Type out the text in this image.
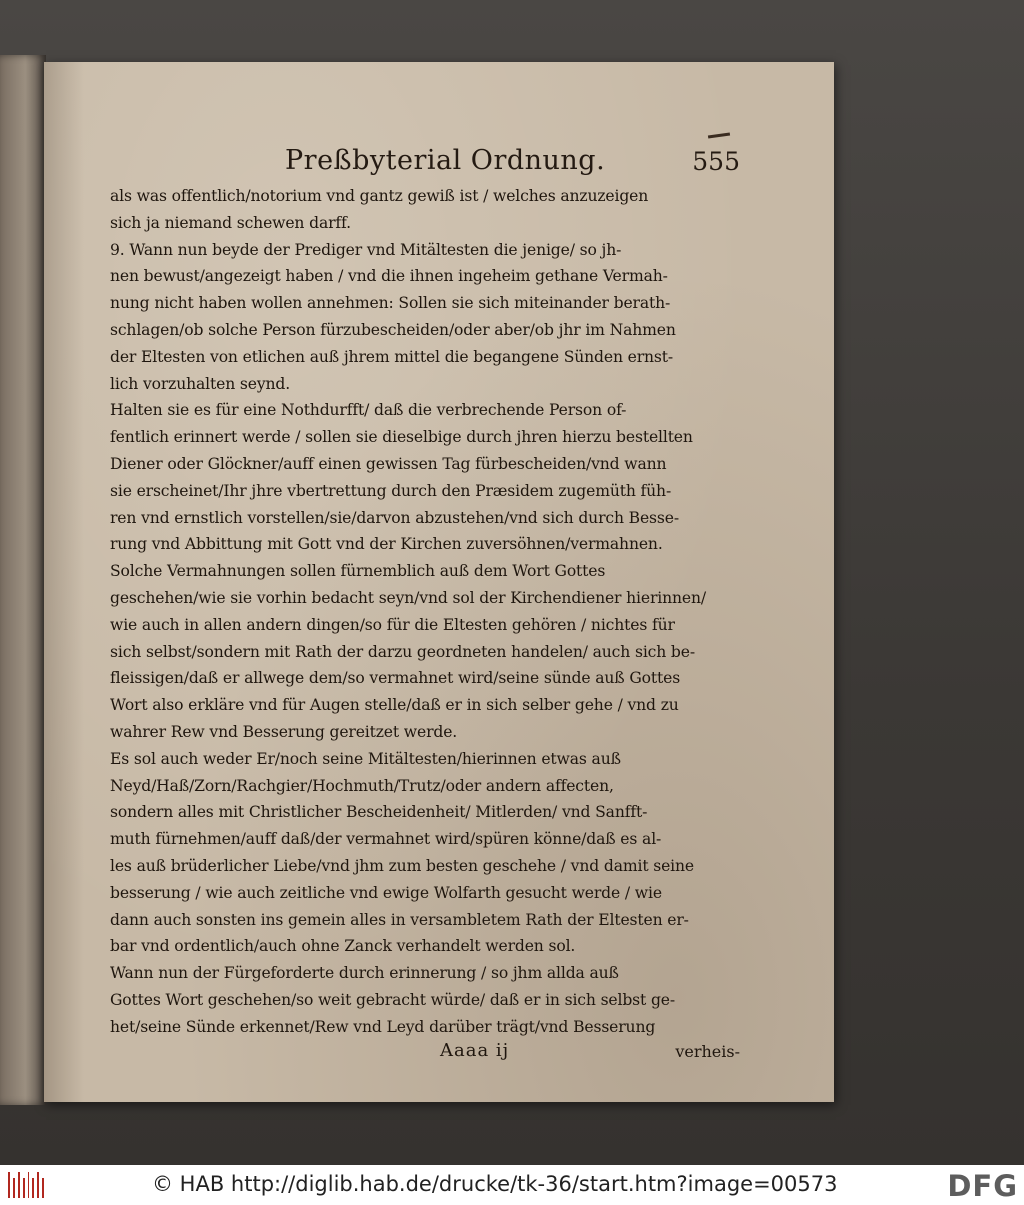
Preßbyterial Ordnung.	555
als was offentlich/notorium vnd gantz gewiß ist / welches anzuzeigen
sich ja niemand schewen darff.
9. Wann nun beyde der Prediger vnd Mitältesten die jenige/ so jh-
nen bewust/angezeigt haben / vnd die ihnen ingeheim gethane Vermah-
nung nicht haben wollen annehmen: Sollen sie sich miteinander berath-
schlagen/ob solche Person fürzubescheiden/oder aber/ob jhr im Nahmen
der Eltesten von etlichen auß jhrem mittel die begangene Sünden ernst-
lich vorzuhalten seynd.
Halten sie es für eine Nothdurfft/ daß die verbrechende Person of-
fentlich erinnert werde / sollen sie dieselbige durch jhren hierzu bestellten
Diener oder Glöckner/auff einen gewissen Tag fürbescheiden/vnd wann
sie erscheinet/Ihr jhre vbertrettung durch den Præsidem zugemüth füh-
ren vnd ernstlich vorstellen/sie/darvon abzustehen/vnd sich durch Besse-
rung vnd Abbittung mit Gott vnd der Kirchen zuversöhnen/vermahnen.
Solche Vermahnungen sollen fürnemblich auß dem Wort Gottes
geschehen/wie sie vorhin bedacht seyn/vnd sol der Kirchendiener hierinnen/
wie auch in allen andern dingen/so für die Eltesten gehören / nichtes für
sich selbst/sondern mit Rath der darzu geordneten handelen/ auch sich be-
fleissigen/daß er allwege dem/so vermahnet wird/seine sünde auß Gottes
Wort also erkläre vnd für Augen stelle/daß er in sich selber gehe / vnd zu
wahrer Rew vnd Besserung gereitzet werde.
Es sol auch weder Er/noch seine Mitältesten/hierinnen etwas auß
Neyd/Haß/Zorn/Rachgier/Hochmuth/Trutz/oder andern affecten,
sondern alles mit Christlicher Bescheidenheit/ Mitlerden/ vnd Sanfft-
muth fürnehmen/auff daß/der vermahnet wird/spüren könne/daß es al-
les auß brüderlicher Liebe/vnd jhm zum besten geschehe / vnd damit seine
besserung / wie auch zeitliche vnd ewige Wolfarth gesucht werde / wie
dann auch sonsten ins gemein alles in versambletem Rath der Eltesten er-
bar vnd ordentlich/auch ohne Zanck verhandelt werden sol.
Wann nun der Fürgeforderte durch erinnerung / so jhm allda auß
Gottes Wort geschehen/so weit gebracht würde/ daß er in sich selbst ge-
het/seine Sünde erkennet/Rew vnd Leyd darüber trägt/vnd Besserung
Aaaa ij	verheis-
© HAB http://diglib.hab.de/drucke/tk-36/start.htm?image=00573	DFG
